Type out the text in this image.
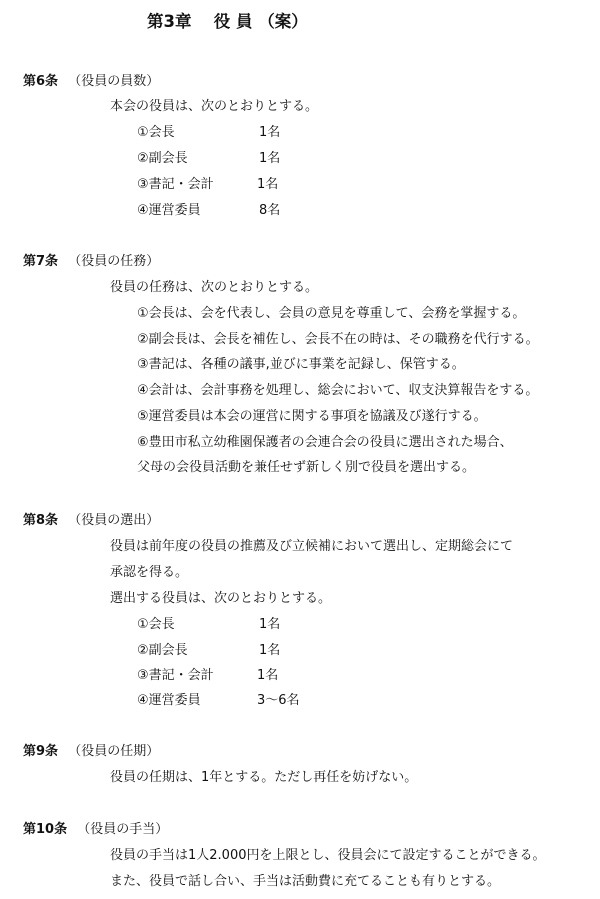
第3章　 役 員 （案）
第6条 （役員の員数）
本会の役員は、次のとおりとする。
①会長	1名
②副会長	1名
③書記・会計	1名
④運営委員	8名
第7条 （役員の任務）
役員の任務は、次のとおりとする。
①会長は、会を代表し、会員の意見を尊重して、会務を掌握する。
②副会長は、会長を補佐し、会長不在の時は、その職務を代行する。
③書記は、各種の議事,並びに事業を記録し、保管する。
④会計は、会計事務を処理し、総会において、収支決算報告をする。
⑤運営委員は本会の運営に関する事項を協議及び遂行する。
⑥豊田市私立幼稚園保護者の会連合会の役員に選出された場合、
父母の会役員活動を兼任せず新しく別で役員を選出する。
第8条 （役員の選出）
役員は前年度の役員の推薦及び立候補において選出し、定期総会にて
承認を得る。
選出する役員は、次のとおりとする。
①会長	1名
②副会長	1名
③書記・会計	1名
④運営委員	3～6名
第9条 （役員の任期）
役員の任期は、1年とする。ただし再任を妨げない。
第10条 （役員の手当）
役員の手当は1人2.000円を上限とし、役員会にて設定することができる。
また、役員で話し合い、手当は活動費に充てることも有りとする。
